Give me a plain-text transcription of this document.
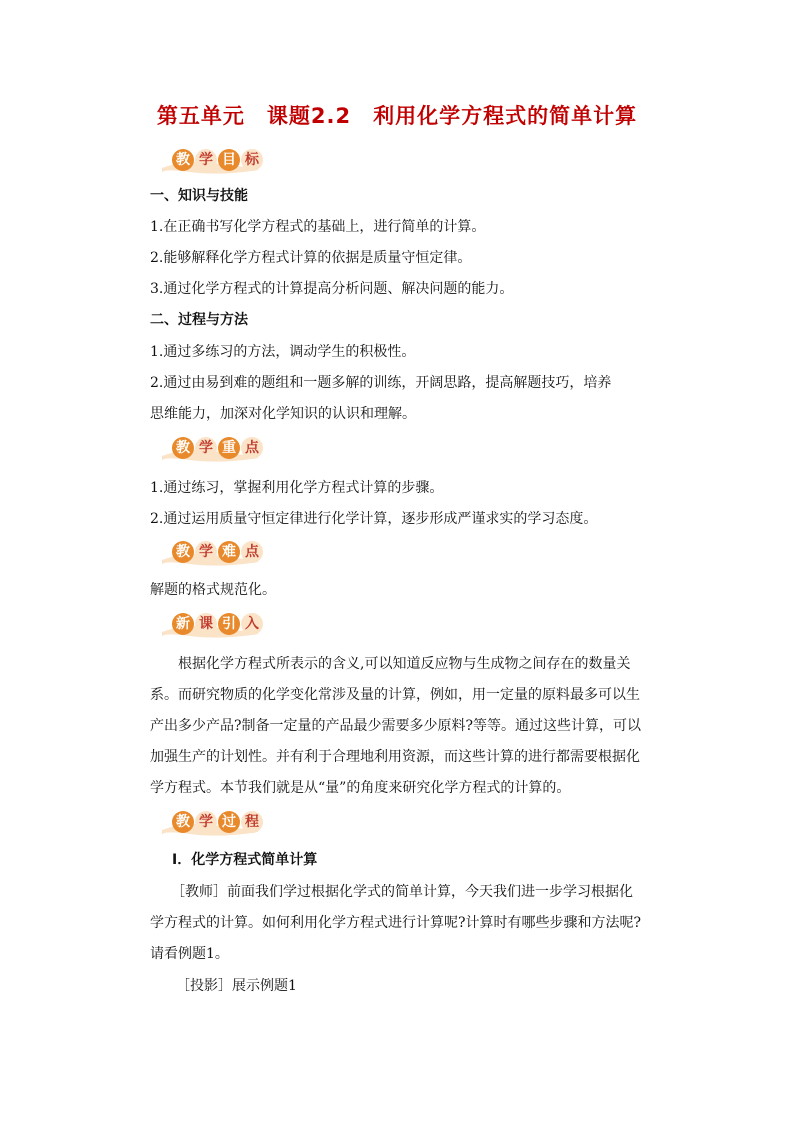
第五单元　课题2.2　利用化学方程式的简单计算
教 学 目 标
一、知识与技能
1.在正确书写化学方程式的基础上，进行简单的计算。
2.能够解释化学方程式计算的依据是质量守恒定律。
3.通过化学方程式的计算提高分析问题、解决问题的能力。
二、过程与方法
1.通过多练习的方法，调动学生的积极性。
2.通过由易到难的题组和一题多解的训练，开阔思路，提高解题技巧，培养
思维能力，加深对化学知识的认识和理解。
教 学 重 点
1.通过练习，掌握利用化学方程式计算的步骤。
2.通过运用质量守恒定律进行化学计算，逐步形成严谨求实的学习态度。
教 学 难 点
解题的格式规范化。
新 课 引 入
　　根据化学方程式所表示的含义,可以知道反应物与生成物之间存在的数量关
系。而研究物质的化学变化常涉及量的计算，例如，用一定量的原料最多可以生
产出多少产品?制备一定量的产品最少需要多少原料?等等。通过这些计算，可以
加强生产的计划性。并有利于合理地利用资源，而这些计算的进行都需要根据化
学方程式。本节我们就是从“量”的角度来研究化学方程式的计算的。
教 学 过 程
Ⅰ．化学方程式简单计算
　　［教师］前面我们学过根据化学式的简单计算，今天我们进一步学习根据化
学方程式的计算。如何利用化学方程式进行计算呢?计算时有哪些步骤和方法呢?
请看例题1。
［投影］展示例题1
